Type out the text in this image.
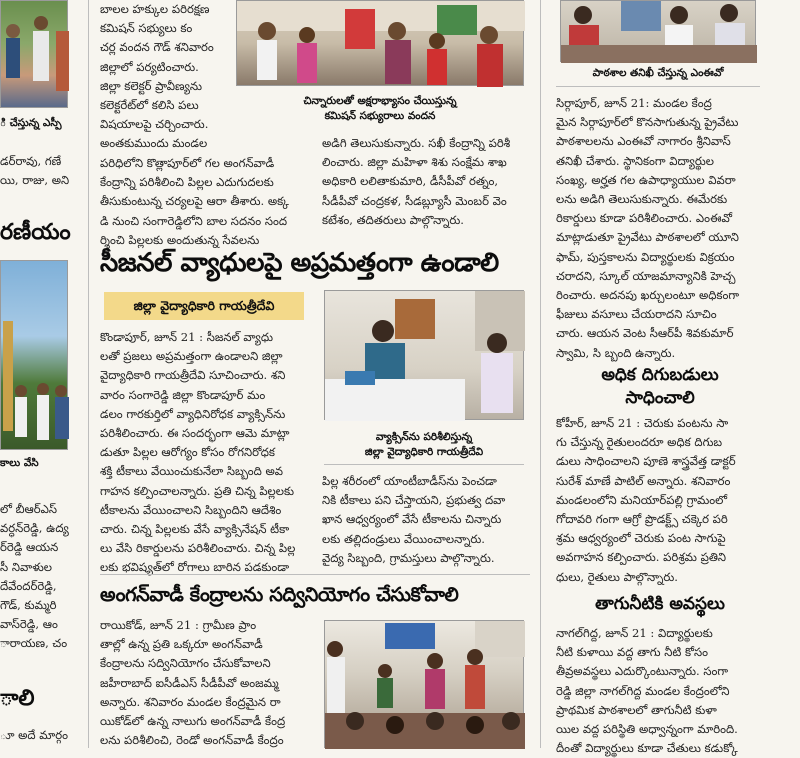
ి చేస్తున్న ఎస్పీ
డర్‌రావు, గణే
యి, రాజు, అని
రణీయం
కాలు వేసి
లో బీఆర్‌ఎస్
వర్ధన్‌రెడ్డి, ఉద్య
ర్‌రెడ్డి ఆయన
సీ నివాళుల
దేవేందర్‌రెడ్డి,
గౌడ్, కుమ్మరి
వాస్‌రెడ్డి, ఆం
ారాయణ, చం
ాలి
ూ అదే మార్గం
బాలల హక్కుల పరిరక్షణ
కమిషన్ సభ్యులు కం
చర్ల వందన గౌడ్ శనివారం
జిల్లాలో పర్యటించారు.
జిల్లా కలెక్టర్ ప్రావీణ్యను
కలెక్టరేట్‌లో కలిసి పలు
విషయాలపై చర్చించారు.
అంతకుముందు మండల
చిన్నారులతో అక్షరాభ్యాసం చేయిస్తున్న
కమిషన్ సభ్యురాలు వందన
పరిధిలోని కొత్లాపూర్‌లో గల అంగన్‌వాడీ
కేంద్రాన్ని పరిశీలించి పిల్లల ఎదుగుదలకు
తీసుకుంటున్న చర్యలపై ఆరా తీశారు. అక్క
డి నుంచి సంగారెడ్డిలోని బాల సదనం సంద
ర్శించి పిల్లలకు అందుతున్న సేవలను
అడిగి తెలుసుకున్నారు. సఖీ కేంద్రాన్ని పరిశీ
లించారు. జిల్లా మహిళా శిశు సంక్షేమ శాఖ
అధికారి లలితాకుమారి, డీసీపీవో రత్నం,
సీడీపీవో చంద్రకళ, సీడబ్ల్యూసీ మెంబర్ వెం
కటేశం, తదితరులు పాల్గొన్నారు.
సీజనల్ వ్యాధులపై అప్రమత్తంగా ఉండాలి
జిల్లా వైద్యాధికారి గాయత్రీదేవి
కొండాపూర్, జూన్ 21 : సీజనల్ వ్యాధు
లతో ప్రజలు అప్రమత్తంగా ఉండాలని జిల్లా
వైద్యాధికారి గాయత్రీదేవి సూచించారు. శని
వారం సంగారెడ్డి జిల్లా కొండాపూర్ మం
డలం గారకుర్తిలో వ్యాధినిరోధక వ్యాక్సిన్‌ను
పరిశీలించారు. ఈ సందర్భంగా ఆమె మాట్లా
డుతూ పిల్లల ఆరోగ్యం కోసం రోగనిరోధక
శక్తి టీకాలు వేయించుకునేలా సిబ్బంది అవ
గాహన కల్పించాలన్నారు. ప్రతి చిన్న పిల్లలకు
టీకాలను వేయించాలని సిబ్బందిని ఆదేశిం
చారు. చిన్న పిల్లలకు వేసే వ్యాక్సినేషన్ టీకా
లు వేసి రికార్డులను పరిశీలించారు. చిన్న పిల్ల
లకు భవిష్యత్‌లో రోగాలు బారిన పడకుండా
వ్యాక్సిన్‌ను పరిశీలిస్తున్న
జిల్లా వైద్యాధికారి గాయత్రీదేవి
పిల్ల శరీరంలో యాంటీబాడీస్‌ను పెంచడా
నికి టీకాలు పని చేస్తాయని, ప్రభుత్వ దవా
ఖాన ఆధ్వర్యంలో వేసే టీకాలను చిన్నారు
లకు తల్లిదండ్రులు వేయించాలన్నారు.
వైద్య సిబ్బంది, గ్రామస్తులు పాల్గొన్నారు.
అంగన్‌వాడీ కేంద్రాలను సద్వినియోగం చేసుకోవాలి
రాయికోడ్, జూన్ 21 : గ్రామీణ ప్రాం
తాల్లో ఉన్న ప్రతి ఒక్కరూ అంగన్‌వాడీ
కేంద్రాలను సద్వినియోగం చేసుకోవాలని
జహీరాబాద్ ఐసీడీఎస్ సీడీపీవో అంజమ్మ
అన్నారు. శనివారం మండల కేంద్రమైన రా
యికోడ్‌లో ఉన్న నాలుగు అంగన్‌వాడీ కేంద్ర
లను పరిశీలించి, రెండో అంగన్‌వాడీ కేంద్రం
పాఠశాల తనిఖీ చేస్తున్న ఎంఈవో
సిర్గాపూర్, జూన్ 21: మండల కేంద్ర
మైన సిర్గాపూర్‌లో కొనసాగుతున్న ప్రైవేటు
పాఠశాలలను ఎంఈవో నాగారం శ్రీనివాస్
తనిఖీ చేశారు. స్థానికంగా విద్యార్థుల
సంఖ్య, అర్హత గల ఉపాధ్యాయుల వివరా
లను అడిగి తెలుసుకున్నారు. ఈమేరకు
రికార్డులు కూడా పరిశీలించారు. ఎంఈవో
మాట్లాడుతూ ప్రైవేటు పాఠశాలలో యూని
ఫామ్, పుస్తకాలను విద్యార్థులకు విక్రయం
చరాదని, స్కూల్ యాజమాన్యానికి హెచ్చ
రించారు. అదనపు ఖర్చులంటూ అధికంగా
ఫీజులు వసూలు చేయరాదని సూచిం
చారు. ఆయన వెంట సీఆర్‌పీ శివకుమార్
స్వామి, సి బ్బంది ఉన్నారు.
అధిక దిగుబడులు
సాధించాలి
కోహీర్, జూన్ 21 : చెరుకు పంటను సా
గు చేస్తున్న రైతులందరూ అధిక దిగుబ
డులు సాధించాలని పూణె శాస్త్రవేత్త డాక్టర్
సురేశ్ మాణే పాటిల్ అన్నారు. శనివారం
మండలంలోని మనియార్‌పల్లి గ్రామంలో
గోదావరి గంగా ఆగ్రో ప్రొడక్ట్స్ చక్కెర పరి
శ్రమ ఆధ్వర్యంలో చెరుకు పంట సాగుపై
అవగాహన కల్పించారు. పరిశ్రమ ప్రతిని
ధులు, రైతులు పాల్గొన్నారు.
తాగునీటికి అవస్థలు
నాగల్‌గిద్ద, జూన్ 21 : విద్యార్థులకు
నీటి కుళాయి వద్ద తాగు నీటి కోసం
తీవ్రఅవస్థలు ఎదుర్కొంటున్నారు. సంగా
రెడ్డి జిల్లా నాగల్‌గిద్ద మండల కేంద్రంలోని
ప్రాథమిక పాఠశాలలో తాగునీటి కుళా
యిల వద్ద పరిస్థితి అధ్వాన్నంగా మారింది.
దీంతో విద్యార్థులు కూడా చేతులు కడుక్కో
